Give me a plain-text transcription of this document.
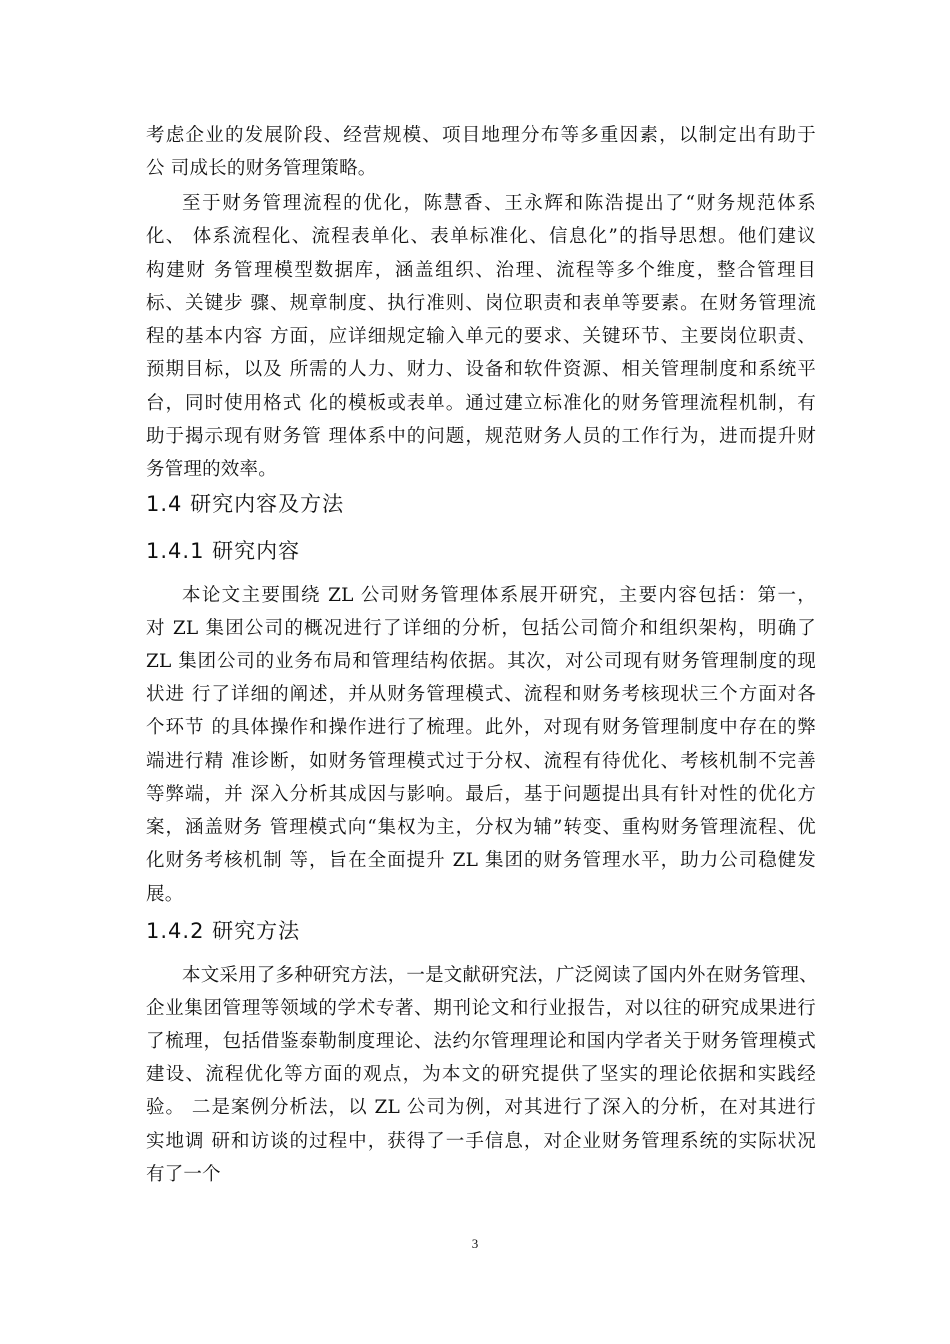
考虑企业的发展阶段、经营规模、项目地理分布等多重因素，以制定出有助于
公 司成长的财务管理策略。
至于财务管理流程的优化，陈慧香、王永辉和陈浩提出了“财务规范体系
化、 体系流程化、流程表单化、表单标准化、信息化”的指导思想。他们建议
构建财 务管理模型数据库，涵盖组织、治理、流程等多个维度，整合管理目
标、关键步 骤、规章制度、执行准则、岗位职责和表单等要素。在财务管理流
程的基本内容 方面，应详细规定输入单元的要求、关键环节、主要岗位职责、
预期目标，以及 所需的人力、财力、设备和软件资源、相关管理制度和系统平
台，同时使用格式 化的模板或表单。通过建立标准化的财务管理流程机制，有
助于揭示现有财务管 理体系中的问题，规范财务人员的工作行为，进而提升财
务管理的效率。
1.4 研究内容及方法
1.4.1 研究内容
本论文主要围绕 ZL 公司财务管理体系展开研究，主要内容包括：第一，
对 ZL 集团公司的概况进行了详细的分析，包括公司简介和组织架构，明确了
ZL 集团公司的业务布局和管理结构依据。其次，对公司现有财务管理制度的现
状进 行了详细的阐述，并从财务管理模式、流程和财务考核现状三个方面对各
个环节 的具体操作和操作进行了梳理。此外，对现有财务管理制度中存在的弊
端进行精 准诊断，如财务管理模式过于分权、流程有待优化、考核机制不完善
等弊端，并 深入分析其成因与影响。最后，基于问题提出具有针对性的优化方
案，涵盖财务 管理模式向“集权为主，分权为辅”转变、重构财务管理流程、优
化财务考核机制 等，旨在全面提升 ZL 集团的财务管理水平，助力公司稳健发
展。
1.4.2 研究方法
本文采用了多种研究方法，一是文献研究法，广泛阅读了国内外在财务管理、
企业集团管理等领域的学术专著、期刊论文和行业报告，对以往的研究成果进行
了梳理，包括借鉴泰勒制度理论、法约尔管理理论和国内学者关于财务管理模式
建设、流程优化等方面的观点，为本文的研究提供了坚实的理论依据和实践经
验。 二是案例分析法，以 ZL 公司为例，对其进行了深入的分析，在对其进行
实地调 研和访谈的过程中，获得了一手信息，对企业财务管理系统的实际状况
有了一个
3
